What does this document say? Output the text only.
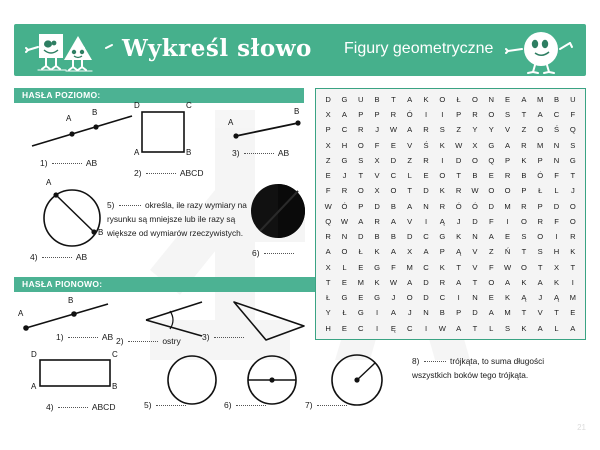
Wykreśl słowo Figury geometryczne
HASŁA POZIOMO:
A
B
1)	AB
D	C
A	B
2)	ABCD
A
B
3)	AB
A
B
4)	AB
5)	określa, ile razy wymiary na rysunku są mniejsze lub ile razy są większe od wymiarów rzeczywistych.
6)
HASŁA PIONOWO:
A
B
1)	AB 2)	ostry	3)
D	C
A	B
4)	ABCD	5)	6)	7)
8)	trójkąta, to suma długości wszystkich boków tego trójkąta.
D	G	U	B	T	A	K	O	Ł	O	N	E	A	M	B	U
X	A	P	P	R	Ó	I	I	P	R	O	S	T	A	C	F
P	C	R	J	W	A	R	S	Z	Y	Y	V	Z	O	Ś	Q
X	H	O	F	E	V	Ś	K	W	X	G	A	R	M	N	S
Z	G	S	X	D	Z	R	I	D	O	Q	P	K	P	N	G
E	J	T	V	C	L	E	O	T	B	E	R	B	Ó	F	T
F	R	O	X	O	T	D	K	R	W	O	O	P	Ł	L	J
W	Ó	P	D	B	A	N	R	Ó	Ó	D	M	R	P	D	O
Q	W	A	R	A	V	I	Ą	J	D	F	I	O	R	F	O
R	N	D	B	B	D	C	G	K	N	A	E	S	O	I	R
A	O	Ł	K	A	X	A	P	Ą	V	Z	Ń	T	S	H	K
X	L	E	G	F	M	C	K	T	V	F	W	O	T	X	T
T	E	M	K	W	A	D	R	A	T	O	A	K	A	K	I
Ł	G	E	G	J	O	D	C	I	N	E	K	Ą	J	Ą	M
Y	Ł	G	I	A	J	N	B	P	D	A	M	T	V	T	E
H	E	C	I	Ę	C	I	W	A	T	L	S	K	A	L	A
21
